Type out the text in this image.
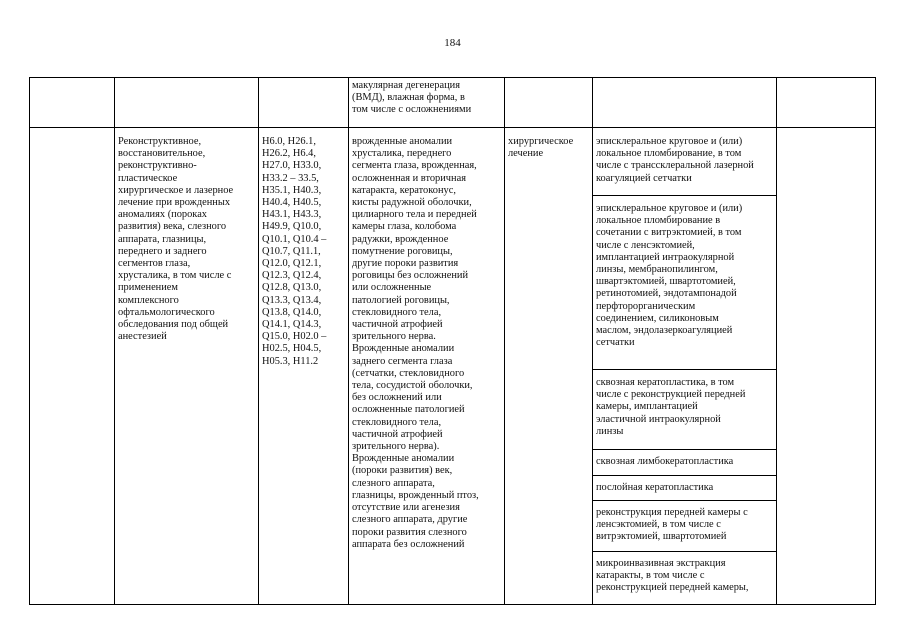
184
макулярная дегенерация
(ВМД), влажная форма, в
том числе с осложнениями
Реконструктивное,
восстановительное,
реконструктивно-
пластическое
хирургическое и лазерное
лечение при врожденных
аномалиях (пороках
развития) века, слезного
аппарата, глазницы,
переднего и заднего
сегментов глаза,
хрусталика, в том числе с
применением
комплексного
офтальмологического
обследования под общей
анестезией
H6.0, H26.1,
H26.2, H6.4,
H27.0, H33.0,
H33.2 – 33.5,
H35.1, H40.3,
H40.4, H40.5,
H43.1, H43.3,
H49.9, Q10.0,
Q10.1, Q10.4 –
Q10.7, Q11.1,
Q12.0, Q12.1,
Q12.3, Q12.4,
Q12.8, Q13.0,
Q13.3, Q13.4,
Q13.8, Q14.0,
Q14.1, Q14.3,
Q15.0, H02.0 –
H02.5, H04.5,
H05.3, H11.2
врожденные аномалии
хрусталика, переднего
сегмента глаза, врожденная,
осложненная и вторичная
катаракта, кератоконус,
кисты радужной оболочки,
цилиарного тела и передней
камеры глаза, колобома
радужки, врожденное
помутнение роговицы,
другие пороки развития
роговицы без осложнений
или осложненные
патологией роговицы,
стекловидного тела,
частичной атрофией
зрительного нерва.
Врожденные аномалии
заднего сегмента глаза
(сетчатки, стекловидного
тела, сосудистой оболочки,
без осложнений или
осложненные патологией
стекловидного тела,
частичной атрофией
зрительного нерва).
Врожденные аномалии
(пороки развития) век,
слезного аппарата,
глазницы, врожденный птоз,
отсутствие или агенезия
слезного аппарата, другие
пороки развития слезного
аппарата без осложнений
хирургическое
лечение
эписклеральное круговое и (или)
локальное пломбирование, в том
числе с транссклеральной лазерной
коагуляцией сетчатки
эписклеральное круговое и (или)
локальное пломбирование в
сочетании с витрэктомией, в том
числе с ленсэктомией,
имплантацией интраокулярной
линзы, мембранопилингом,
швартэктомией, швартотомией,
ретинотомией, эндотампонадой
перфторорганическим
соединением, силиконовым
маслом, эндолазеркоагуляцией
сетчатки
сквозная кератопластика, в том
числе с реконструкцией передней
камеры, имплантацией
эластичной интраокулярной
линзы
сквозная лимбокератопластика
послойная кератопластика
реконструкция передней камеры с
ленсэктомией, в том числе с
витрэктомией, швартотомией
микроинвазивная экстракция
катаракты, в том числе с
реконструкцией передней камеры,
